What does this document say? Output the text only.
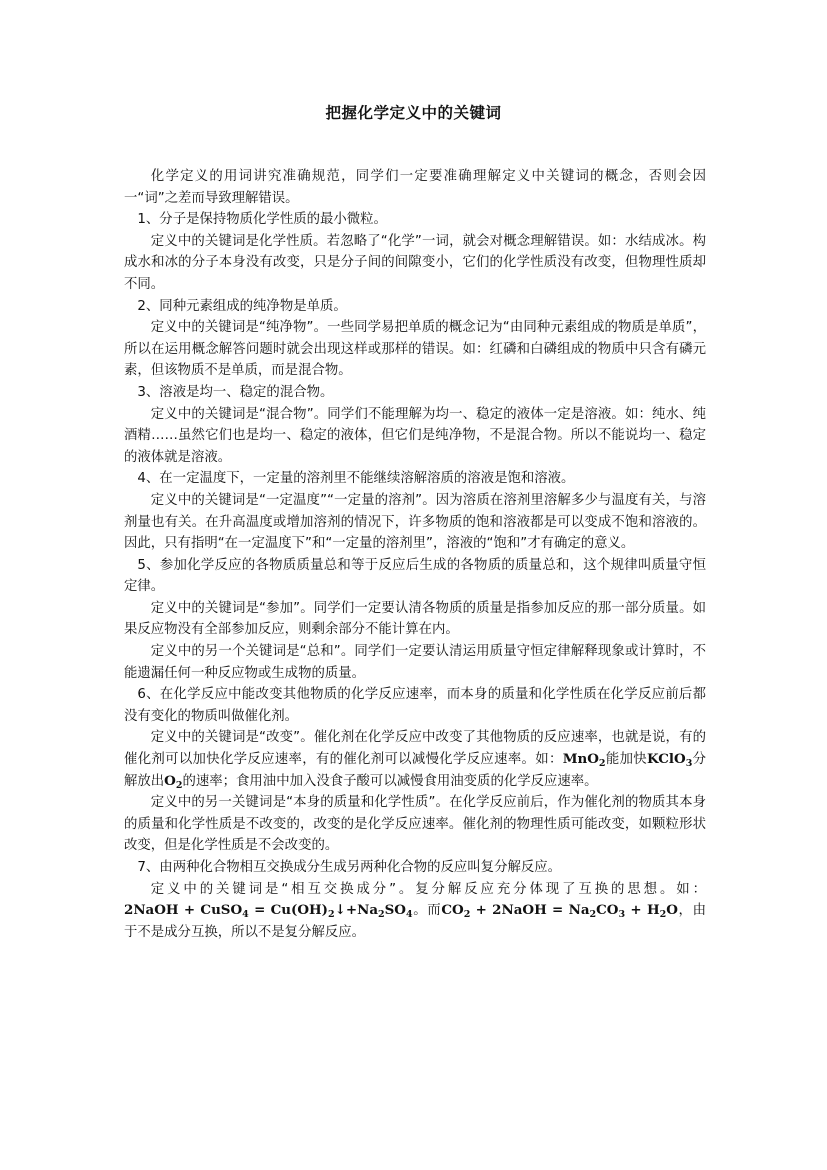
把握化学定义中的关键词

化学定义的用词讲究准确规范，同学们一定要准确理解定义中关键词的概念，否则会因一“词”之差而导致理解错误。

1、分子是保持物质化学性质的最小微粒。

定义中的关键词是化学性质。若忽略了“化学”一词，就会对概念理解错误。如：水结成冰。构成水和冰的分子本身没有改变，只是分子间的间隙变小，它们的化学性质没有改变，但物理性质却不同。

2、同种元素组成的纯净物是单质。

定义中的关键词是“纯净物”。一些同学易把单质的概念记为“由同种元素组成的物质是单质”，所以在运用概念解答问题时就会出现这样或那样的错误。如：红磷和白磷组成的物质中只含有磷元素，但该物质不是单质，而是混合物。

3、溶液是均一、稳定的混合物。

定义中的关键词是“混合物”。同学们不能理解为均一、稳定的液体一定是溶液。如：纯水、纯酒精……虽然它们也是均一、稳定的液体，但它们是纯净物，不是混合物。所以不能说均一、稳定的液体就是溶液。

4、在一定温度下，一定量的溶剂里不能继续溶解溶质的溶液是饱和溶液。

定义中的关键词是“一定温度”“一定量的溶剂”。因为溶质在溶剂里溶解多少与温度有关，与溶剂量也有关。在升高温度或增加溶剂的情况下，许多物质的饱和溶液都是可以变成不饱和溶液的。因此，只有指明“在一定温度下”和“一定量的溶剂里”，溶液的“饱和”才有确定的意义。

5、参加化学反应的各物质质量总和等于反应后生成的各物质的质量总和，这个规律叫质量守恒定律。

定义中的关键词是“参加”。同学们一定要认清各物质的质量是指参加反应的那一部分质量。如果反应物没有全部参加反应，则剩余部分不能计算在内。

定义中的另一个关键词是“总和”。同学们一定要认清运用质量守恒定律解释现象或计算时，不能遗漏任何一种反应物或生成物的质量。

6、在化学反应中能改变其他物质的化学反应速率，而本身的质量和化学性质在化学反应前后都没有变化的物质叫做催化剂。

定义中的关键词是“改变”。催化剂在化学反应中改变了其他物质的反应速率，也就是说，有的催化剂可以加快化学反应速率，有的催化剂可以减慢化学反应速率。如：MnO$_2$能加快KClO$_3$分解放出$O_2$的速率；食用油中加入没食子酸可以减慢食用油变质的化学反应速率。

定义中的另一关键词是“本身的质量和化学性质”。在化学反应前后，作为催化剂的物质其本身的质量和化学性质是不改变的，改变的是化学反应速率。催化剂的物理性质可能改变，如颗粒形状改变，但是化学性质是不会改变的。

7、由两种化合物相互交换成分生成另两种化合物的反应叫复分解反应。

定义中的关键词是“相互交换成分”。复分解反应充分体现了互换的思想。如：2NaOH + CuSO$_4$ = $Cu(OH)_2↓+Na_2SO_4$。而$CO_2$ + 2NaOH = $Na_2CO_3 + H_2O$，由于不是成分互换，所以不是复分解反应。
